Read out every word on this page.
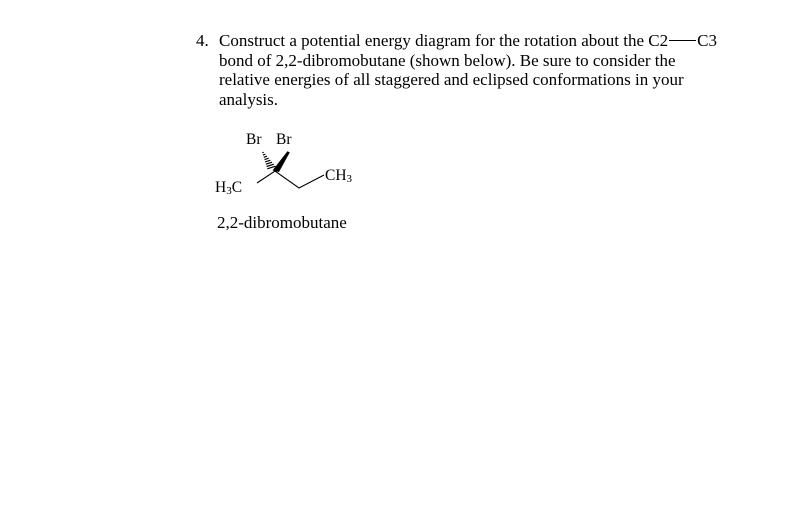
4. Construct a potential energy diagram for the rotation about the C2 C3
bond of 2,2-dibromobutane (shown below). Be sure to consider the
relative energies of all staggered and eclipsed conformations in your
analysis.
Br Br
$H_3C$
$CH_3$
2,2-dibromobutane
